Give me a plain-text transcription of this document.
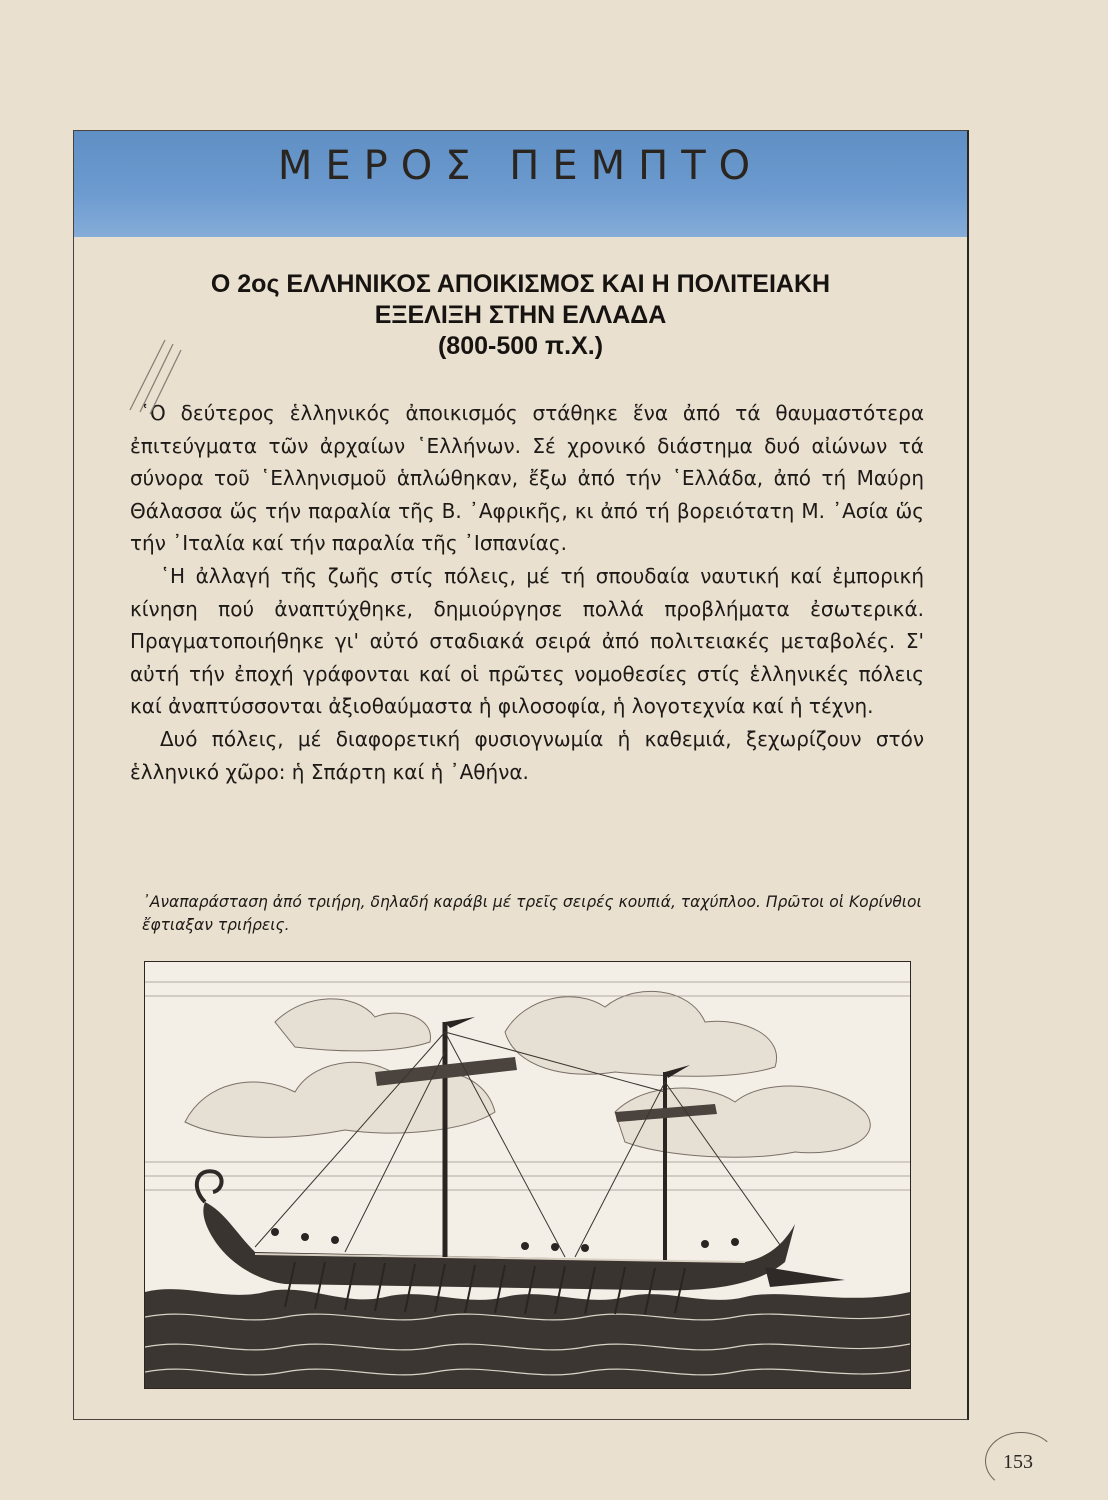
ΜΕΡΟΣ ΠΕΜΠΤΟ
Ο 2ος ΕΛΛΗΝΙΚΟΣ ΑΠΟΙΚΙΣΜΟΣ ΚΑΙ Η ΠΟΛΙΤΕΙΑΚΗ
ΕΞΕΛΙΞΗ ΣΤΗΝ ΕΛΛΑΔΑ
(800-500 π.Χ.)

῾Ο δεύτερος ἑλληνικός ἀποικισμός στάθηκε ἕνα ἀπό τά θαυμαστότερα ἐπιτεύγματα τῶν ἀρχαίων ῾Ελλήνων. Σέ χρονικό διάστημα δυό αἰώνων τά σύνορα τοῦ ῾Ελληνισμοῦ ἁπλώθηκαν, ἔξω ἀπό τήν ῾Ελλάδα, ἀπό τή Μαύρη Θάλασσα ὥς τήν παραλία τῆς Β. ᾿Αφρικῆς, κι ἀπό τή βορειότατη Μ. ᾿Ασία ὥς τήν ᾿Ιταλία καί τήν παραλία τῆς ᾿Ισπανίας.

῾Η ἀλλαγή τῆς ζωῆς στίς πόλεις, μέ τή σπουδαία ναυτική καί ἐμπορική κίνηση πού ἀναπτύχθηκε, δημιούργησε πολλά προβλήματα ἐσωτερικά. Πραγματοποιήθηκε γι' αὐτό σταδιακά σειρά ἀπό πολιτειακές μεταβολές. Σ' αὐτή τήν ἐποχή γράφονται καί οἱ πρῶτες νομοθεσίες στίς ἑλληνικές πόλεις καί ἀναπτύσσονται ἀξιοθαύμαστα ἡ φιλοσοφία, ἡ λογοτεχνία καί ἡ τέχνη.

Δυό πόλεις, μέ διαφορετική φυσιογνωμία ἡ καθεμιά, ξεχωρίζουν στόν ἑλληνικό χῶρο: ἡ Σπάρτη καί ἡ ᾿Αθήνα.

᾿Αναπαράσταση ἀπό τριήρη, δηλαδή καράβι μέ τρεῖς σειρές κουπιά, ταχύπλοο. Πρῶτοι οἱ Κορίνθιοι ἔφτιαξαν τριήρεις.
153
